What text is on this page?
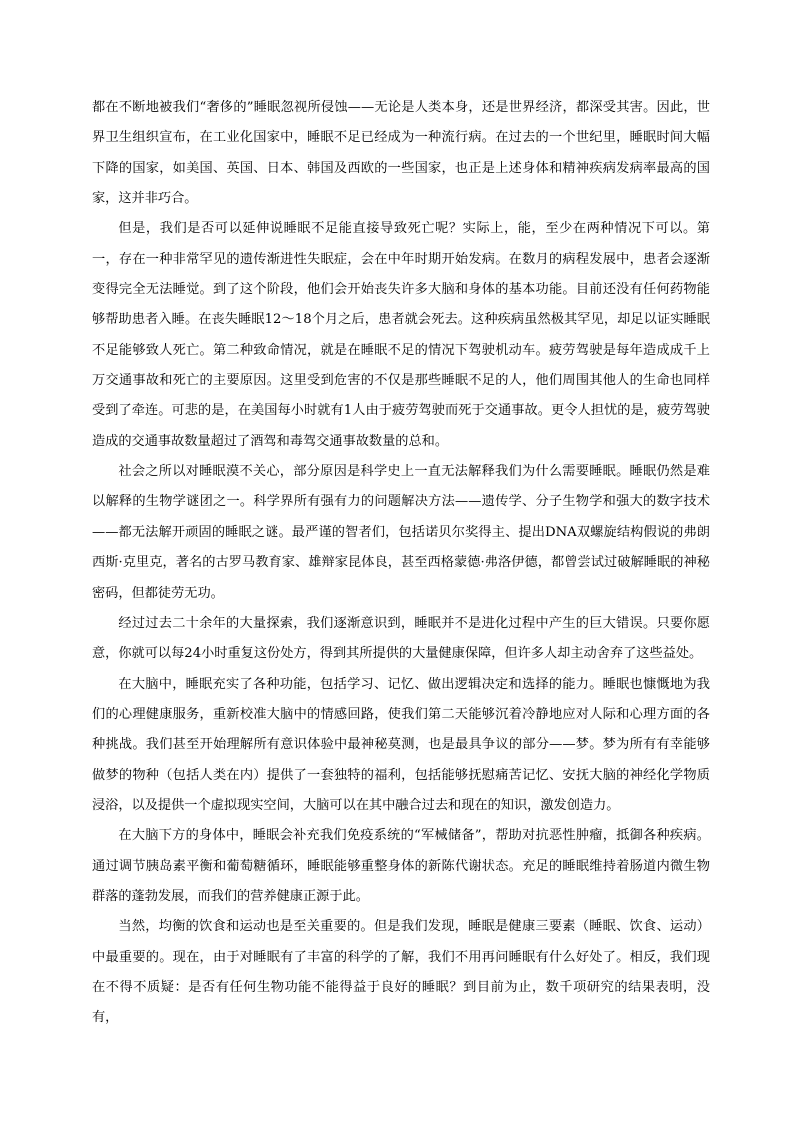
都在不断地被我们“奢侈的”睡眠忽视所侵蚀——无论是人类本身，还是世界经济，都深受其害。因此，世界卫生组织宣布，在工业化国家中，睡眠不足已经成为一种流行病。在过去的一个世纪里，睡眠时间大幅下降的国家，如美国、英国、日本、韩国及西欧的一些国家，也正是上述身体和精神疾病发病率最高的国家，这并非巧合。

但是，我们是否可以延伸说睡眠不足能直接导致死亡呢？实际上，能，至少在两种情况下可以。第一，存在一种非常罕见的遗传渐进性失眠症，会在中年时期开始发病。在数月的病程发展中，患者会逐渐变得完全无法睡觉。到了这个阶段，他们会开始丧失许多大脑和身体的基本功能。目前还没有任何药物能够帮助患者入睡。在丧失睡眠12～18个月之后，患者就会死去。这种疾病虽然极其罕见，却足以证实睡眠不足能够致人死亡。第二种致命情况，就是在睡眠不足的情况下驾驶机动车。疲劳驾驶是每年造成成千上万交通事故和死亡的主要原因。这里受到危害的不仅是那些睡眠不足的人，他们周围其他人的生命也同样受到了牵连。可悲的是，在美国每小时就有1人由于疲劳驾驶而死于交通事故。更令人担忧的是，疲劳驾驶造成的交通事故数量超过了酒驾和毒驾交通事故数量的总和。

社会之所以对睡眠漠不关心，部分原因是科学史上一直无法解释我们为什么需要睡眠。睡眠仍然是难以解释的生物学谜团之一。科学界所有强有力的问题解决方法——遗传学、分子生物学和强大的数字技术——都无法解开顽固的睡眠之谜。最严谨的智者们，包括诺贝尔奖得主、提出DNA双螺旋结构假说的弗朗西斯·克里克，著名的古罗马教育家、雄辩家昆体良，甚至西格蒙德·弗洛伊德，都曾尝试过破解睡眠的神秘密码，但都徒劳无功。

经过过去二十余年的大量探索，我们逐渐意识到，睡眠并不是进化过程中产生的巨大错误。只要你愿意，你就可以每24小时重复这份处方，得到其所提供的大量健康保障，但许多人却主动舍弃了这些益处。

在大脑中，睡眠充实了各种功能，包括学习、记忆、做出逻辑决定和选择的能力。睡眠也慷慨地为我们的心理健康服务，重新校准大脑中的情感回路，使我们第二天能够沉着冷静地应对人际和心理方面的各种挑战。我们甚至开始理解所有意识体验中最神秘莫测，也是最具争议的部分——梦。梦为所有有幸能够做梦的物种（包括人类在内）提供了一套独特的福利，包括能够抚慰痛苦记忆、安抚大脑的神经化学物质浸浴，以及提供一个虚拟现实空间，大脑可以在其中融合过去和现在的知识，激发创造力。

在大脑下方的身体中，睡眠会补充我们免疫系统的“军械储备”，帮助对抗恶性肿瘤，抵御各种疾病。通过调节胰岛素平衡和葡萄糖循环，睡眠能够重整身体的新陈代谢状态。充足的睡眠维持着肠道内微生物群落的蓬勃发展，而我们的营养健康正源于此。

当然，均衡的饮食和运动也是至关重要的。但是我们发现，睡眠是健康三要素（睡眠、饮食、运动）中最重要的。现在，由于对睡眠有了丰富的科学的了解，我们不用再问睡眠有什么好处了。相反，我们现在不得不质疑：是否有任何生物功能不能得益于良好的睡眠？到目前为止，数千项研究的结果表明，没有，
